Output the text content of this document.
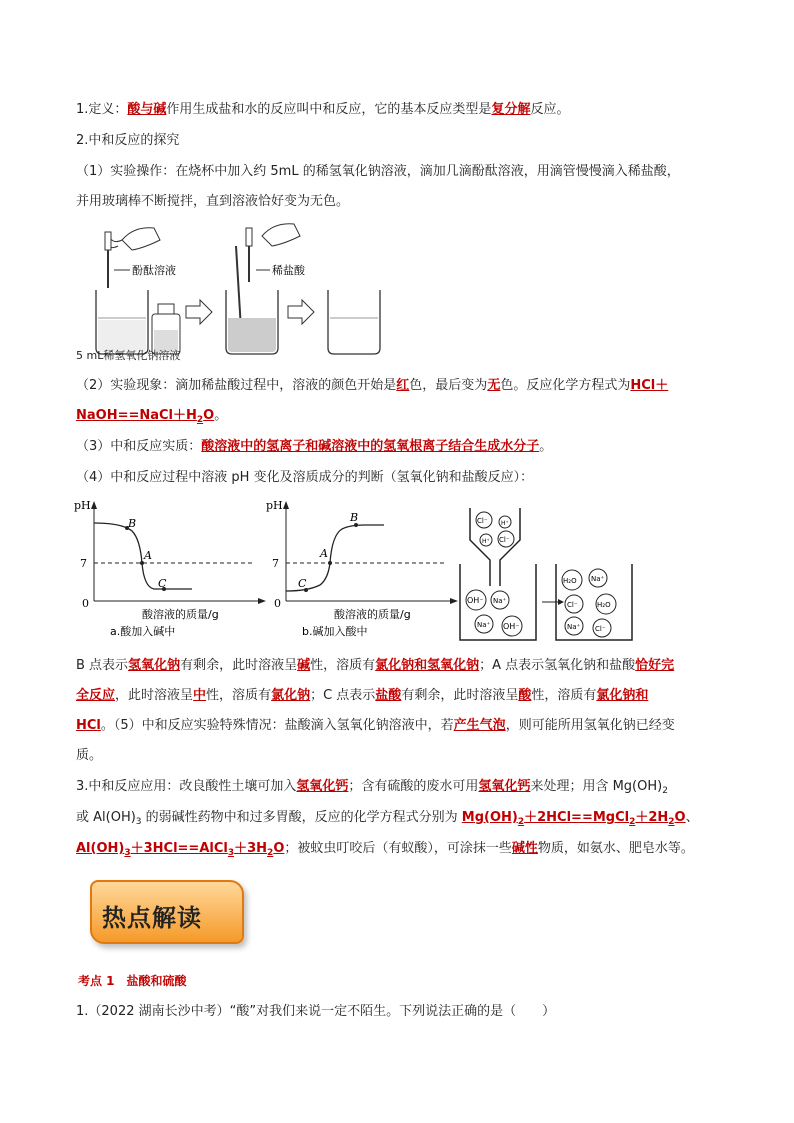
1.定义：酸与碱作用生成盐和水的反应叫中和反应，它的基本反应类型是复分解反应。
2.中和反应的探究
（1）实验操作：在烧杯中加入约 5mL 的稀氢氧化钠溶液，滴加几滴酚酞溶液，用滴管慢慢滴入稀盐酸，
并用玻璃棒不断搅拌，直到溶液恰好变为无色。
酚酞溶液	稀盐酸
5 mL稀氢氧化钠溶液
（2）实验现象：滴加稀盐酸过程中，溶液的颜色开始是红色，最后变为无色。反应化学方程式为HCl＋
$NaOH==NaCl+H_2O$。
（3）中和反应实质：酸溶液中的氢离子和碱溶液中的氢氧根离子结合生成水分子。
（4）中和反应过程中溶液 pH 变化及溶质成分的判断（氢氧化钠和盐酸反应）：
pH
7
0
B
A
C
酸溶液的质量/g
a.酸加入碱中
pH
7
0
B
A
C
酸溶液的质量/g
b.碱加入酸中
Cl⁻ H⁺
H⁺ Cl⁻
OH⁻ Na⁺
Na⁺ OH⁻
H₂O Na⁺
Cl⁻	H₂O
Na⁺ Cl⁻
B 点表示氢氧化钠有剩余，此时溶液呈碱性，溶质有氯化钠和氢氧化钠；A 点表示氢氧化钠和盐酸恰好完
全反应，此时溶液呈中性，溶质有氯化钠；C 点表示盐酸有剩余，此时溶液呈酸性，溶质有氯化钠和
HCl。（5）中和反应实验特殊情况：盐酸滴入氢氧化钠溶液中，若产生气泡，则可能所用氢氧化钠已经变
质。
3.中和反应应用：改良酸性土壤可加入氢氧化钙；含有硫酸的废水可用氢氧化钙来处理；用含 $Mg(OH)_2$
或 $Al(OH)_3$ 的弱碱性药物中和过多胃酸，反应的化学方程式分别为 $Mg(OH)_2+2HCl==MgCl_2+2H_2O$、
$Al(OH)_3+3HCl==AlCl_3+3H_2O$；被蚊虫叮咬后（有蚁酸），可涂抹一些碱性物质，如氨水、肥皂水等。
热点解读
考点 1　盐酸和硫酸
1.（2022 湖南长沙中考）“酸”对我们来说一定不陌生。下列说法正确的是（　　）
